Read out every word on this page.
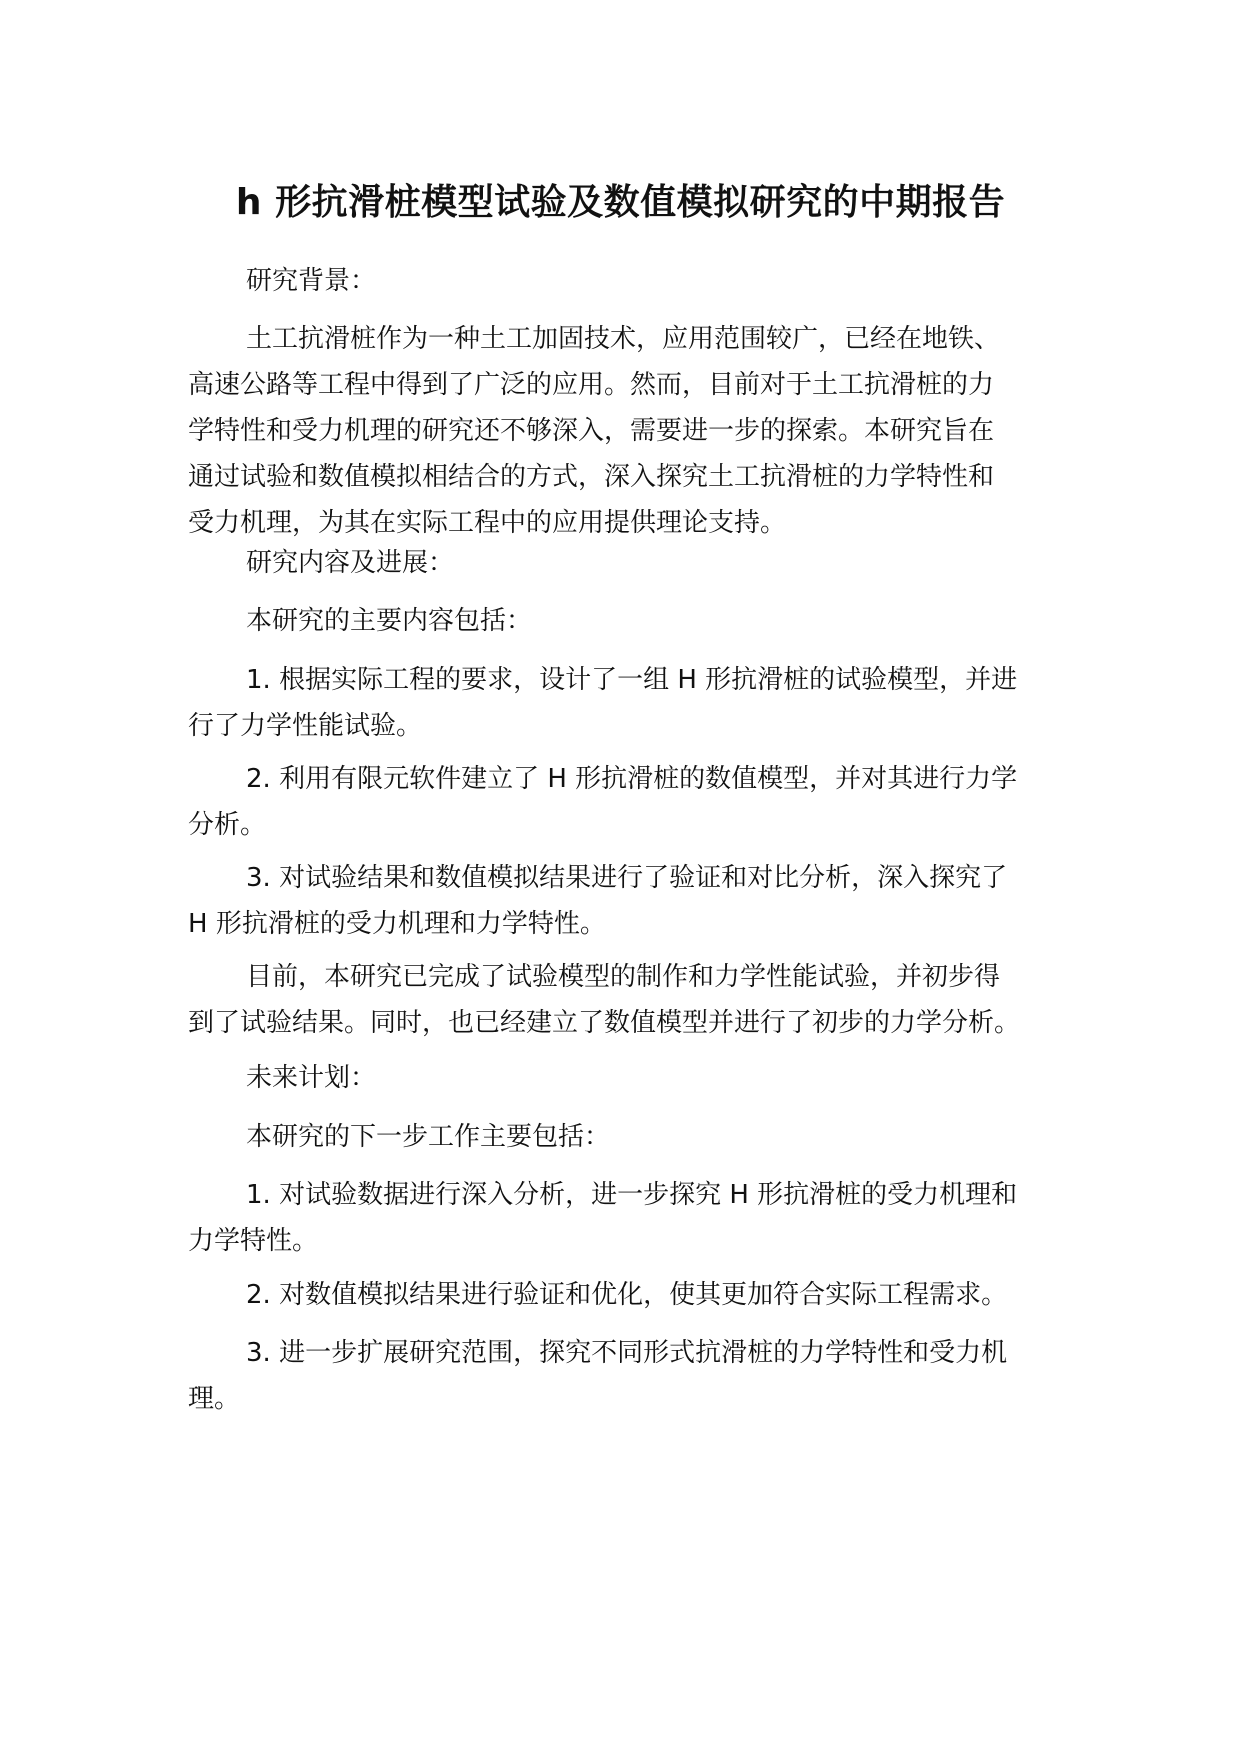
h 形抗滑桩模型试验及数值模拟研究的中期报告
研究背景：
土工抗滑桩作为一种土工加固技术，应用范围较广，已经在地铁、
高速公路等工程中得到了广泛的应用。然而，目前对于土工抗滑桩的力
学特性和受力机理的研究还不够深入，需要进一步的探索。本研究旨在
通过试验和数值模拟相结合的方式，深入探究土工抗滑桩的力学特性和
受力机理，为其在实际工程中的应用提供理论支持。
研究内容及进展：
本研究的主要内容包括：
1. 根据实际工程的要求，设计了一组 H 形抗滑桩的试验模型，并进
行了力学性能试验。
2. 利用有限元软件建立了 H 形抗滑桩的数值模型，并对其进行力学
分析。
3. 对试验结果和数值模拟结果进行了验证和对比分析，深入探究了
H 形抗滑桩的受力机理和力学特性。
目前，本研究已完成了试验模型的制作和力学性能试验，并初步得
到了试验结果。同时，也已经建立了数值模型并进行了初步的力学分析。
未来计划：
本研究的下一步工作主要包括：
1. 对试验数据进行深入分析，进一步探究 H 形抗滑桩的受力机理和
力学特性。
2. 对数值模拟结果进行验证和优化，使其更加符合实际工程需求。
3. 进一步扩展研究范围，探究不同形式抗滑桩的力学特性和受力机
理。
